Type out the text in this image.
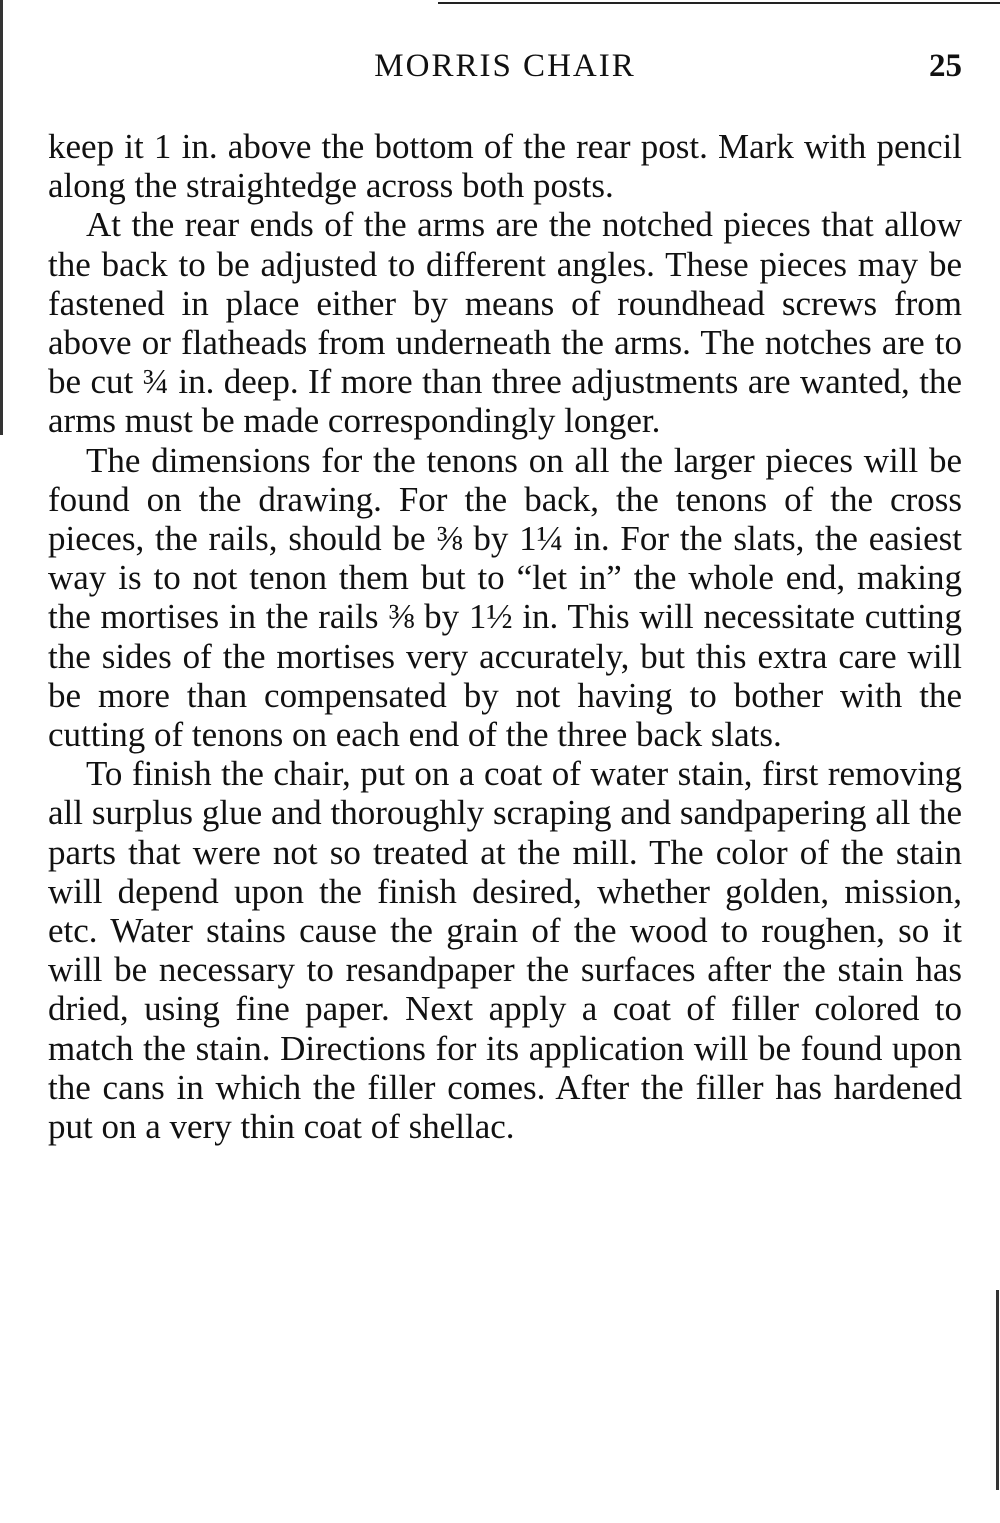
MORRIS CHAIR	25

keep it 1 in. above the bottom of the rear post. Mark with pencil along the straightedge across both posts.

At the rear ends of the arms are the notched pieces that allow the back to be adjusted to different angles. These pieces may be fastened in place either by means of roundhead screws from above or flatheads from underneath the arms. The notches are to be cut ¾ in. deep. If more than three adjustments are wanted, the arms must be made correspondingly longer.

The dimensions for the tenons on all the larger pieces will be found on the drawing. For the back, the tenons of the cross pieces, the rails, should be ⅜ by 1¼ in. For the slats, the easiest way is to not tenon them but to “let in” the whole end, making the mortises in the rails ⅜ by 1½ in. This will necessitate cutting the sides of the mortises very accurately, but this extra care will be more than compensated by not having to bother with the cutting of tenons on each end of the three back slats.

To finish the chair, put on a coat of water stain, first removing all surplus glue and thoroughly scraping and sandpapering all the parts that were not so treated at the mill. The color of the stain will depend upon the finish desired, whether golden, mission, etc. Water stains cause the grain of the wood to roughen, so it will be necessary to resandpaper the surfaces after the stain has dried, using fine paper. Next apply a coat of filler colored to match the stain. Directions for its application will be found upon the cans in which the filler comes. After the filler has hardened put on a very thin coat of shellac.
